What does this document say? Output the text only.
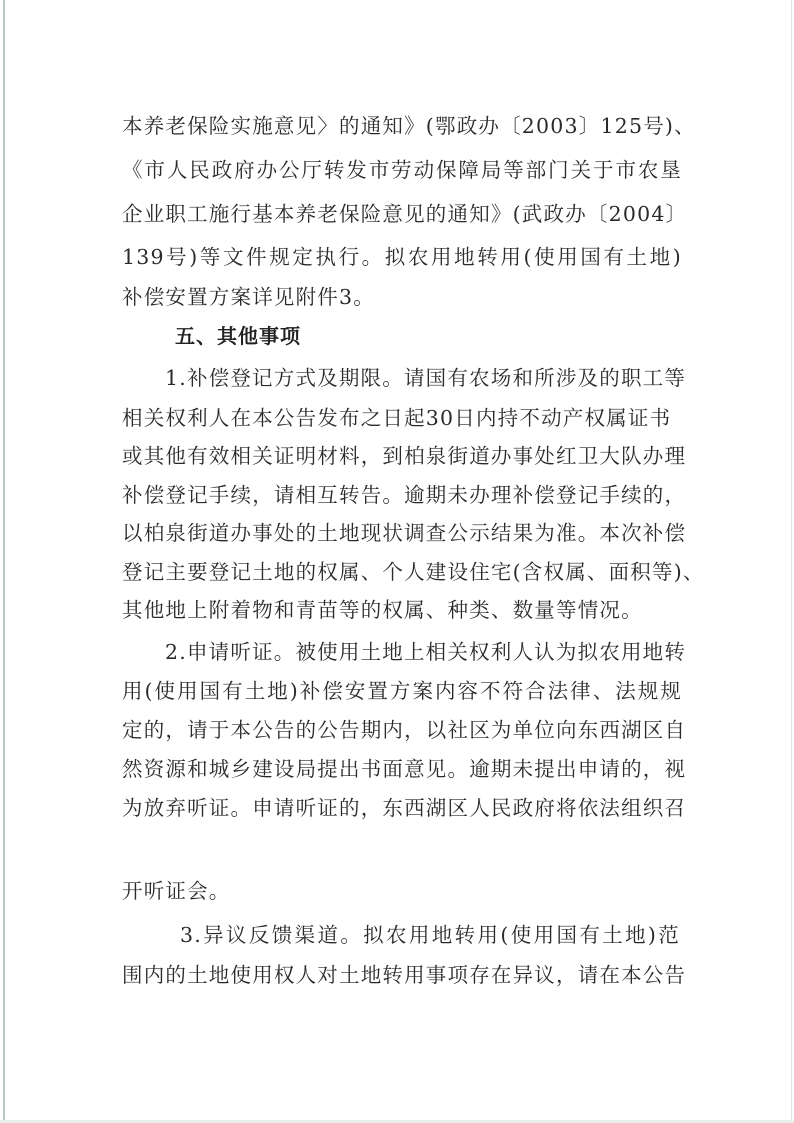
本养老保险实施意见〉的通知》(鄂政办〔2003〕125号)、
《市人民政府办公厅转发市劳动保障局等部门关于市农垦
企业职工施行基本养老保险意见的通知》(武政办〔2004〕
139号)等文件规定执行。拟农用地转用(使用国有土地)
补偿安置方案详见附件3。
五、其他事项
1.补偿登记方式及期限。请国有农场和所涉及的职工等
相关权利人在本公告发布之日起30日内持不动产权属证书
或其他有效相关证明材料，到柏泉街道办事处红卫大队办理
补偿登记手续，请相互转告。逾期未办理补偿登记手续的，
以柏泉街道办事处的土地现状调查公示结果为准。本次补偿
登记主要登记土地的权属、个人建设住宅(含权属、面积等)、
其他地上附着物和青苗等的权属、种类、数量等情况。
2.申请听证。被使用土地上相关权利人认为拟农用地转
用(使用国有土地)补偿安置方案内容不符合法律、法规规
定的，请于本公告的公告期内，以社区为单位向东西湖区自
然资源和城乡建设局提出书面意见。逾期未提出申请的，视
为放弃听证。申请听证的，东西湖区人民政府将依法组织召
开听证会。
3.异议反馈渠道。拟农用地转用(使用国有土地)范
围内的土地使用权人对土地转用事项存在异议，请在本公告
